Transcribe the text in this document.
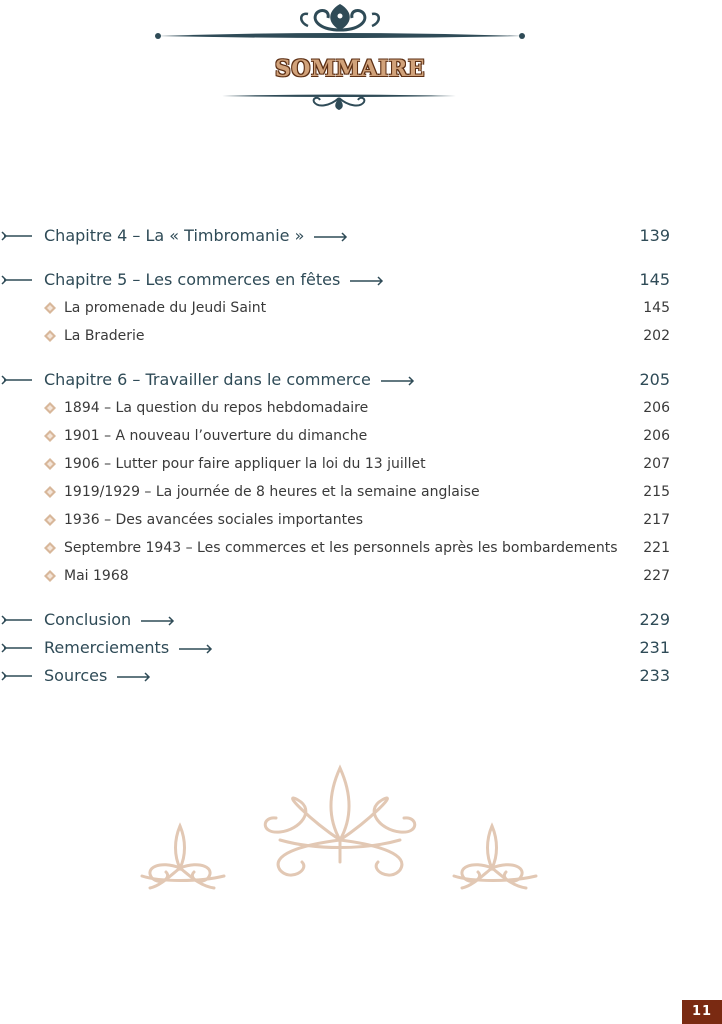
SOMMAIRE
Chapitre 4 – La « Timbromanie »	139
Chapitre 5 – Les commerces en fêtes	145
La promenade du Jeudi Saint	145
La Braderie	202
Chapitre 6 – Travailler dans le commerce	205
1894 – La question du repos hebdomadaire	206
1901 – A nouveau l’ouverture du dimanche	206
1906 – Lutter pour faire appliquer la loi du 13 juillet	207
1919/1929 – La journée de 8 heures et la semaine anglaise	215
1936 – Des avancées sociales importantes	217
Septembre 1943 – Les commerces et les personnels après les bombardements 221
Mai 1968	227
Conclusion	229
Remerciements	231
Sources	233
11
